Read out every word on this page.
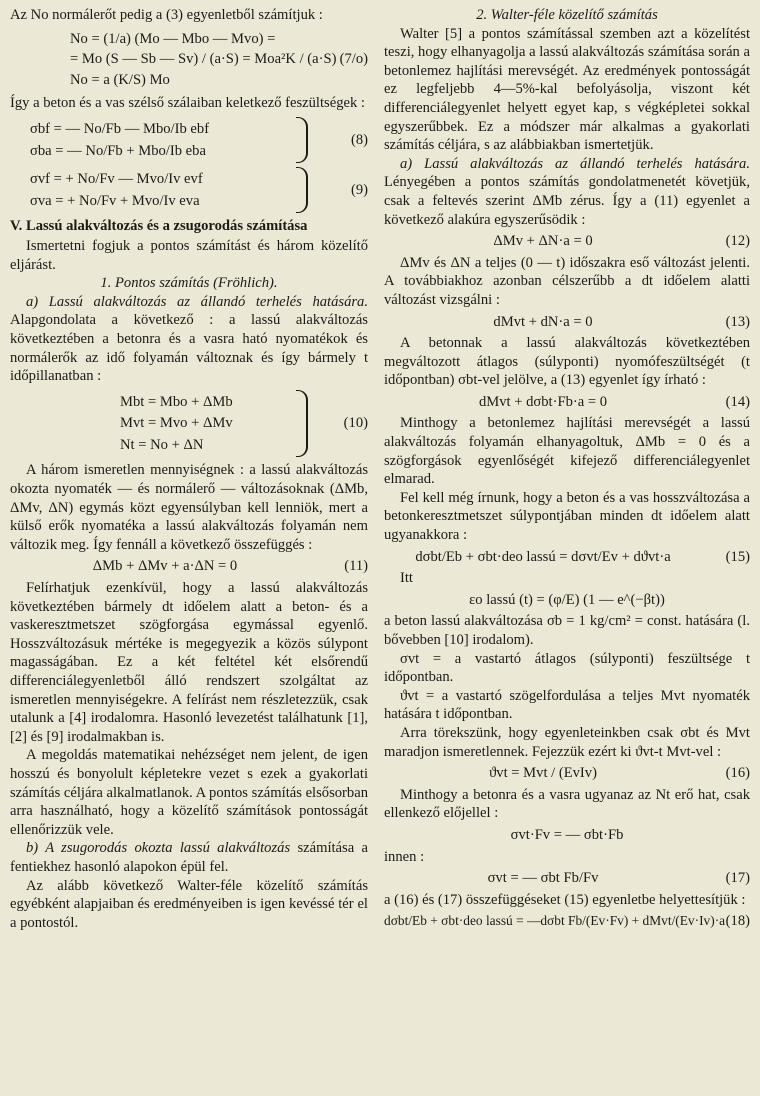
Az No normálerőt pedig a (3) egyenletből számítjuk :

No = (1/a) (Mo — Mbo — Mvo) =
= Mo (S — Sb — Sv) / (a·S) = Moa²K / (a·S)
No = a (K/S) Mo
(7/o)

Így a beton és a vas szélső szálaiban keletkező feszültségek :

σbf = — No/Fb — Mbo/Ib ebf
σba = — No/Fb + Mbo/Ib eba
(8)
σvf = + No/Fv — Mvo/Iv evf
σva = + No/Fv + Mvo/Iv eva
(9)

V. Lassú alakváltozás és a zsugorodás számítása

Ismertetni fogjuk a pontos számítást és három közelítő eljárást.

1. Pontos számítás (Fröhlich).

a) Lassú alakváltozás az állandó terhelés hatására. Alapgondolata a következő : a lassú alakváltozás következtében a betonra és a vasra ható nyomatékok és normálerők az idő folyamán változnak és így bármely t időpillanatban :

Mbt = Mbo + ΔMb
Mvt = Mvo + ΔMv
Nt = No + ΔN
(10)

A három ismeretlen mennyiségnek : a lassú alakváltozás okozta nyomaték — és normálerő — változásoknak (ΔMb, ΔMv, ΔN) egymás közt egyensúlyban kell lenniök, mert a külső erők nyomatéka a lassú alakváltozás folyamán nem változik meg. Így fennáll a következő összefüggés :

ΔMb + ΔMv + a·ΔN = 0	(11)

Felírhatjuk ezenkívül, hogy a lassú alakváltozás következtében bármely dt időelem alatt a beton- és a vaskeresztmetszet szögforgása egymással egyenlő. Hosszváltozásuk mértéke is megegyezik a közös súlypont magasságában. Ez a két feltétel két elsőrendű differenciálegyenletből álló rendszert szolgáltat az ismeretlen mennyiségekre. A felírást nem részletezzük, csak utalunk a [4] irodalomra. Hasonló levezetést találhatunk [1], [2] és [9] irodalmakban is.

A megoldás matematikai nehézséget nem jelent, de igen hosszú és bonyolult képletekre vezet s ezek a gyakorlati számítás céljára alkalmatlanok. A pontos számítás elsősorban arra használható, hogy a közelítő számítások pontosságát ellenőrizzük vele.

b) A zsugorodás okozta lassú alakváltozás számítása a fentiekhez hasonló alapokon épül fel.

Az alább következő Walter-féle közelítő számítás egyébként alapjaiban és eredményeiben is igen kevéssé tér el a pontostól.

2. Walter-féle közelítő számítás

Walter [5] a pontos számítással szemben azt a közelítést teszi, hogy elhanyagolja a lassú alakváltozás számítása során a betonlemez hajlítási merevségét. Az eredmények pontosságát ez legfeljebb 4—5%-kal befolyásolja, viszont két differenciálegyenlet helyett egyet kap, s végképletei sokkal egyszerűbbek. Ez a módszer már alkalmas a gyakorlati számítás céljára, s az alábbiakban ismertetjük.

a) Lassú alakváltozás az állandó terhelés hatására. Lényegében a pontos számítás gondolatmenetét követjük, csak a feltevés szerint ΔMb zérus. Így a (11) egyenlet a következő alakúra egyszerűsödik :

ΔMv + ΔN·a = 0	(12)

ΔMv és ΔN a teljes (0 — t) időszakra eső változást jelenti. A továbbiakhoz azonban célszerűbb a dt időelem alatti változást vizsgálni :

dMvt + dN·a = 0	(13)

A betonnak a lassú alakváltozás következtében megváltozott átlagos (súlyponti) nyomófeszültségét (t időpontban) σbt-vel jelölve, a (13) egyenlet így írható :

dMvt + dσbt·Fb·a = 0	(14)

Minthogy a betonlemez hajlítási merevségét a lassú alakváltozás folyamán elhanyagoltuk, ΔMb = 0 és a szögforgások egyenlőségét kifejező differenciálegyenlet elmarad.

Fel kell még írnunk, hogy a beton és a vas hosszváltozása a betonkeresztmetszet súlypontjában minden dt időelem alatt ugyanakkora :

dσbt/Eb + σbt·deo lassú = dσvt/Ev + dϑvt·a	(15)

Itt

εo lassú (t) = (φ/E) (1 — e^(−βt))

a beton lassú alakváltozása σb = 1 kg/cm² = const. hatására (l. bővebben [10] irodalom).

σvt = a vastartó átlagos (súlyponti) feszültsége t időpontban.

ϑvt = a vastartó szögelfordulása a teljes Mvt nyomaték hatására t időpontban.

Arra törekszünk, hogy egyenleteinkben csak σbt és Mvt maradjon ismeretlennek. Fejezzük ezért ki ϑvt-t Mvt-vel :

ϑvt = Mvt / (EvIv)	(16)

Minthogy a betonra és a vasra ugyanaz az Nt erő hat, csak ellenkező előjellel :

σvt·Fv = — σbt·Fb

innen :

σvt = — σbt Fb/Fv	(17)

a (16) és (17) összefüggéseket (15) egyenletbe helyettesítjük :

dσbt/Eb + σbt·deo lassú = —dσbt Fb/(Ev·Fv) + dMvt/(Ev·Iv)·a (18)
